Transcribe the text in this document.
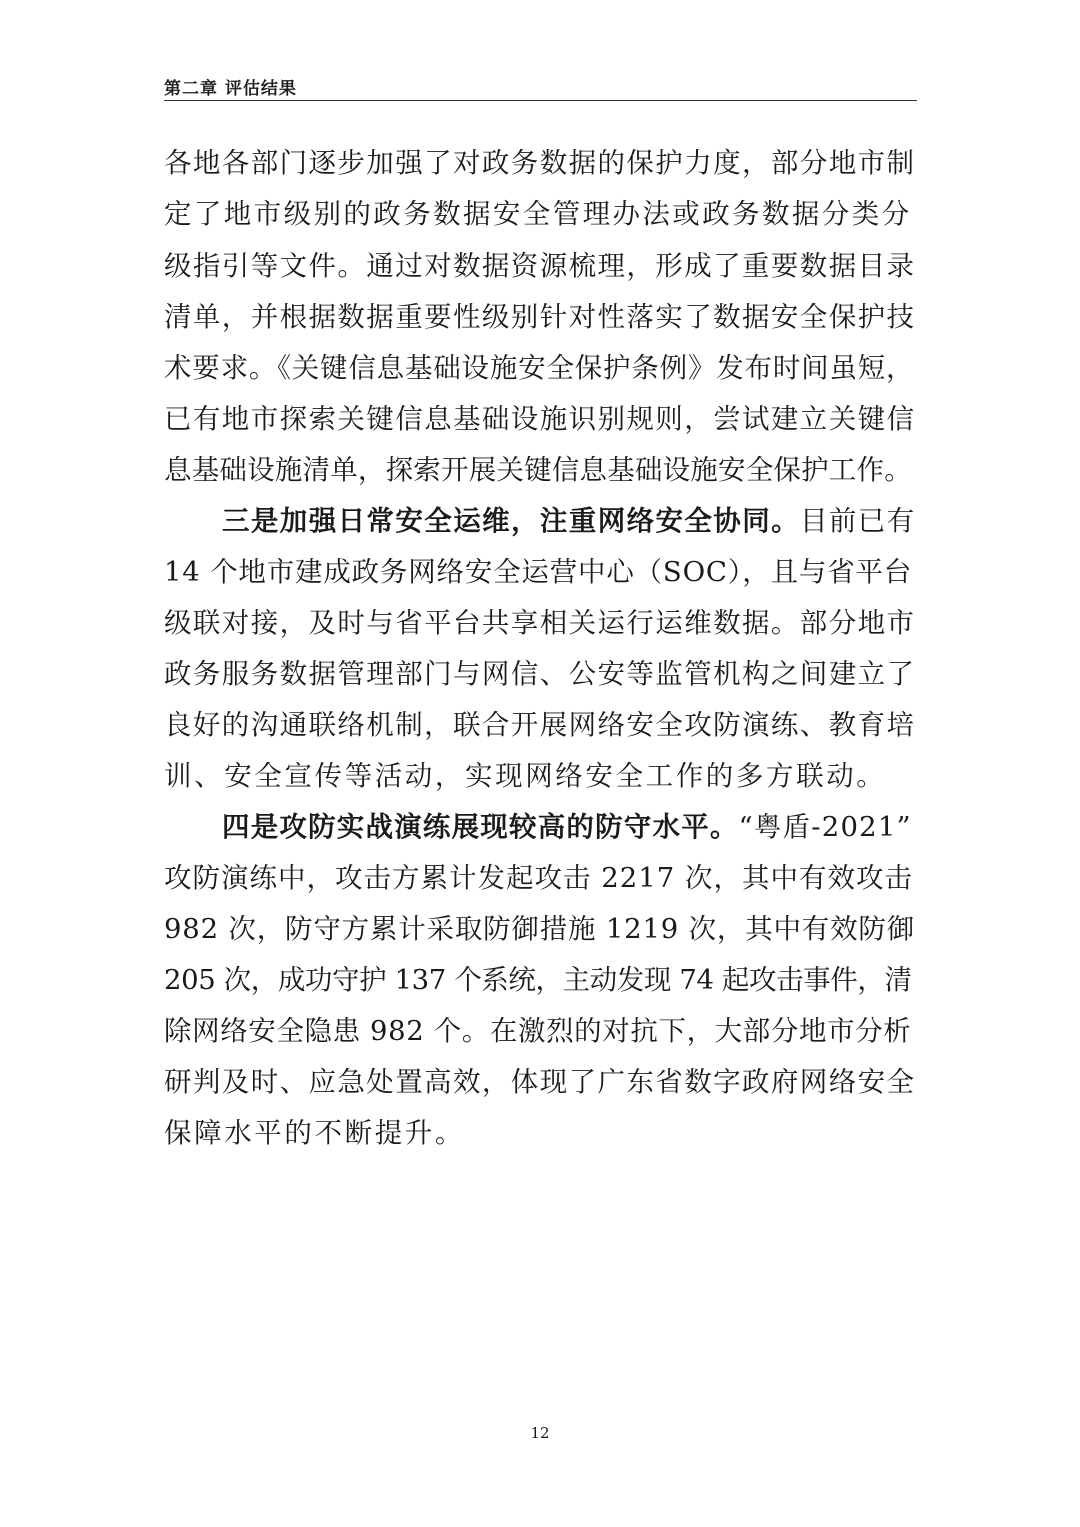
第二章 评估结果
各地各部门逐步加强了对政务数据的保护力度，部分地市制
定了地市级别的政务数据安全管理办法或政务数据分类分
级指引等文件。通过对数据资源梳理，形成了重要数据目录
清单，并根据数据重要性级别针对性落实了数据安全保护技
术要求。《关键信息基础设施安全保护条例》发布时间虽短，
已有地市探索关键信息基础设施识别规则，尝试建立关键信
息基础设施清单，探索开展关键信息基础设施安全保护工作。
三是加强日常安全运维，注重网络安全协同。目前已有
14 个地市建成政务网络安全运营中心（SOC），且与省平台
级联对接，及时与省平台共享相关运行运维数据。部分地市
政务服务数据管理部门与网信、公安等监管机构之间建立了
良好的沟通联络机制，联合开展网络安全攻防演练、教育培
训、安全宣传等活动，实现网络安全工作的多方联动。
四是攻防实战演练展现较高的防守水平。“粤盾-2021”
攻防演练中，攻击方累计发起攻击 2217 次，其中有效攻击
982 次，防守方累计采取防御措施 1219 次，其中有效防御
205 次，成功守护 137 个系统，主动发现 74 起攻击事件，清
除网络安全隐患 982 个。在激烈的对抗下，大部分地市分析
研判及时、应急处置高效，体现了广东省数字政府网络安全
保障水平的不断提升。
12
